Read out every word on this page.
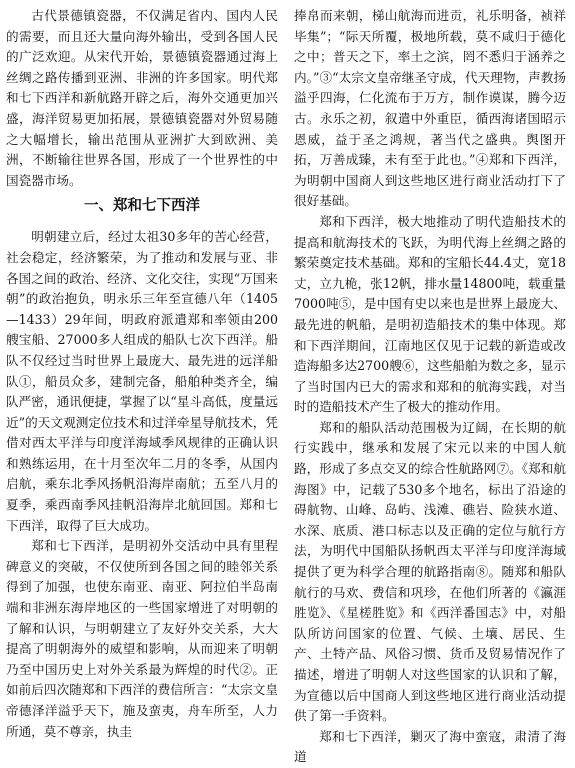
古代景德镇瓷器，不仅满足省内、国内人民的需要，而且还大量向海外输出，受到各国人民的广泛欢迎。从宋代开始，景德镇瓷器通过海上丝绸之路传播到亚洲、非洲的许多国家。明代郑和七下西洋和新航路开辟之后，海外交通更加兴盛，海洋贸易更加拓展，景德镇瓷器对外贸易随之大幅增长，输出范围从亚洲扩大到欧洲、美洲，不断输往世界各国，形成了一个世界性的中国瓷器市场。

一、郑和七下西洋

明朝建立后，经过太祖30多年的苦心经营，社会稳定，经济繁荣，为了推动和发展与亚、非各国之间的政治、经济、文化交往，实现“万国来朝”的政治抱负，明永乐三年至宣德八年（1405—1433）29年间，明政府派遣郑和率领由200艘宝船、27000多人组成的船队七次下西洋。船队不仅经过当时世界上最庞大、最先进的远洋船队①，船员众多，建制完备，船舶种类齐全，编队严密，通讯便捷，掌握了以“星斗高低，度量远近”的天文观测定位技术和过洋牵星导航技术，凭借对西太平洋与印度洋海域季风规律的正确认识和熟练运用，在十月至次年二月的冬季，从国内启航，乘东北季风扬帆沿海岸南航；五至八月的夏季，乘西南季风挂帆沿海岸北航回国。郑和七下西洋，取得了巨大成功。

郑和七下西洋，是明初外交活动中具有里程碑意义的突破，不仅使所到各国之间的睦邻关系得到了加强，也使东南亚、南亚、阿拉伯半岛南端和非洲东海岸地区的一些国家增进了对明朝的了解和认识，与明朝建立了友好外交关系，大大提高了明朝海外的威望和影响，从而迎来了明朝乃至中国历史上对外关系最为辉煌的时代②。正如前后四次随郑和下西洋的费信所言：“太宗文皇帝德泽洋溢乎天下，施及蛮夷，舟车所至，人力所通，莫不尊亲，执圭

捧帛而来朝，梯山航海而进贡，礼乐明备，祯祥毕集”；“际天所覆，极地所载，莫不咸归于德化之中；普天之下，率土之滨，罔不悉归于涵养之内。”③“太宗文皇帝继圣守成，代天理物，声教扬溢乎四海，仁化流布于万方，制作谟谋，腾今迈古。永乐之初，叙遣中外重臣，循西海诸国昭示恩威，益于圣之鸿规，著当代之盛典。舆图开拓，万善成臻，未有至于此也。”④郑和下西洋，为明朝中国商人到这些地区进行商业活动打下了很好基础。

郑和下西洋，极大地推动了明代造船技术的提高和航海技术的飞跃，为明代海上丝绸之路的繁荣奠定技术基础。郑和的宝船长44.4丈，宽18丈，立九桅，张12帆，排水量14800吨，载重量7000吨⑤，是中国有史以来也是世界上最庞大、最先进的帆船，是明初造船技术的集中体现。郑和下西洋期间，江南地区仅见于记载的新造或改造海船多达2700艘⑥，这些船舶为数之多，显示了当时国内已大的需求和郑和的航海实践，对当时的造船技术产生了极大的推动作用。

郑和的船队活动范围极为辽阔，在长期的航行实践中，继承和发展了宋元以来的中国人航路，形成了多点交叉的综合性航路网⑦。《郑和航海图》中，记载了530多个地名，标出了沿途的碍航物、山峰、岛屿、浅滩、礁岩、险狭水道、水深、底质、港口标志以及正确的定位与航行方法，为明代中国船队扬帆西太平洋与印度洋海域提供了更为科学合理的航路指南⑧。随郑和船队航行的马欢、费信和巩珍，在他们所著的《瀛涯胜览》、《星槎胜览》和《西洋番国志》中，对船队所访问国家的位置、气候、土壤、居民、生产、土特产品、风俗习惯、货币及贸易情况作了描述，增进了明朝人对这些国家的认识和了解，为宣德以后中国商人到这些地区进行商业活动提供了第一手资料。

郑和七下西洋，剿灭了海中蛮寇，肃清了海道
